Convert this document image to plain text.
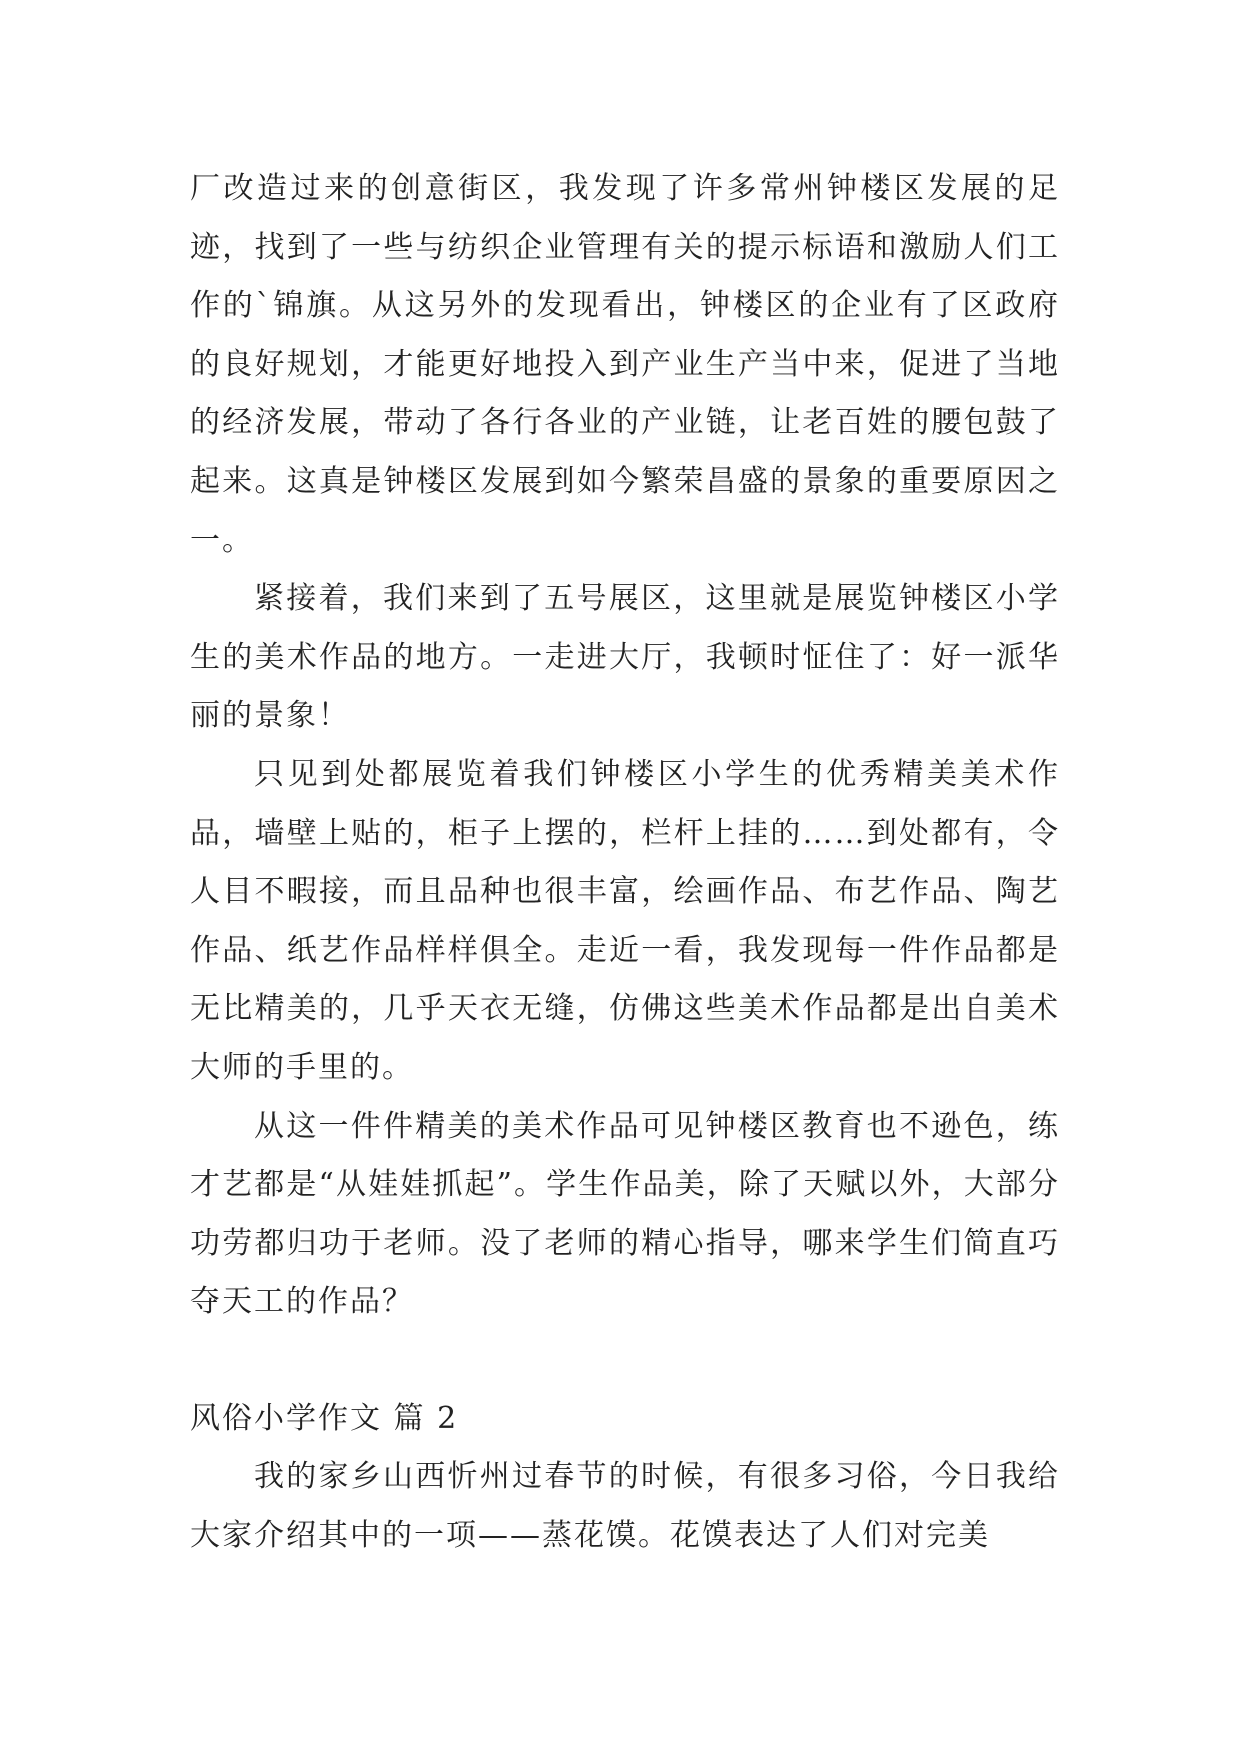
厂改造过来的创意街区，我发现了许多常州钟楼区发展的足迹，找到了一些与纺织企业管理有关的提示标语和激励人们工作的`锦旗。从这另外的发现看出，钟楼区的企业有了区政府的良好规划，才能更好地投入到产业生产当中来，促进了当地的经济发展，带动了各行各业的产业链，让老百姓的腰包鼓了起来。这真是钟楼区发展到如今繁荣昌盛的景象的重要原因之一。

紧接着，我们来到了五号展区，这里就是展览钟楼区小学生的美术作品的地方。一走进大厅，我顿时怔住了：好一派华丽的景象！

只见到处都展览着我们钟楼区小学生的优秀精美美术作品，墙壁上贴的，柜子上摆的，栏杆上挂的……到处都有，令人目不暇接，而且品种也很丰富，绘画作品、布艺作品、陶艺作品、纸艺作品样样俱全。走近一看，我发现每一件作品都是无比精美的，几乎天衣无缝，仿佛这些美术作品都是出自美术大师的手里的。

从这一件件精美的美术作品可见钟楼区教育也不逊色，练才艺都是“从娃娃抓起”。学生作品美，除了天赋以外，大部分功劳都归功于老师。没了老师的精心指导，哪来学生们简直巧夺天工的作品？

风俗小学作文 篇 2

我的家乡山西忻州过春节的时候，有很多习俗，今日我给大家介绍其中的一项——蒸花馍。花馍表达了人们对完美
